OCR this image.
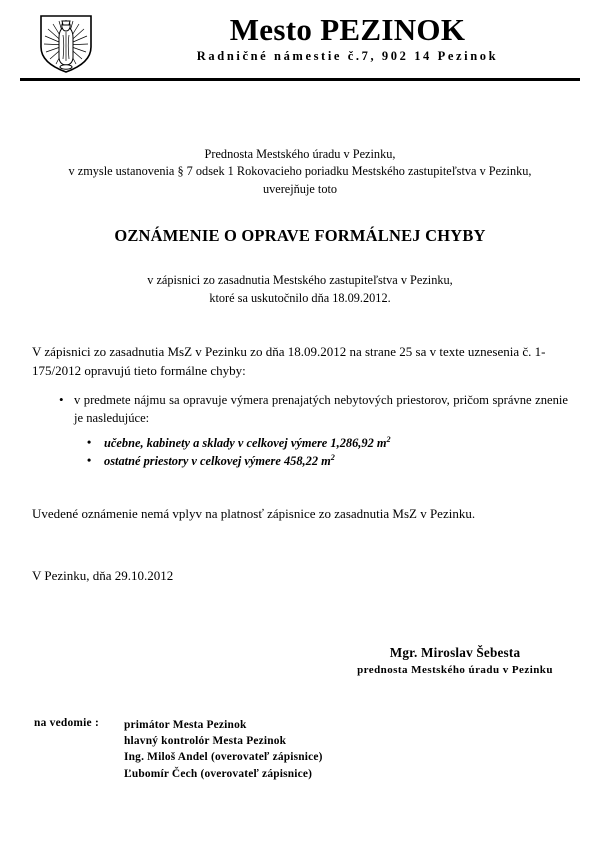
Mesto PEZINOK
Radničné námestie č.7, 902 14 Pezinok
Prednosta Mestského úradu v Pezinku,
v zmysle ustanovenia § 7 odsek 1 Rokovacieho poriadku Mestského zastupiteľstva v Pezinku,
uverejňuje toto
OZNÁMENIE O OPRAVE FORMÁLNEJ CHYBY
v zápisnici zo zasadnutia Mestského zastupiteľstva v Pezinku,
ktoré sa uskutočnilo dňa 18.09.2012.
V zápisnici zo zasadnutia MsZ v Pezinku zo dňa 18.09.2012 na strane 25 sa v texte uznesenia č. 1-175/2012 opravujú tieto formálne chyby:
• v predmete nájmu sa opravuje výmera prenajatých nebytových priestorov, pričom správne znenie je nasledujúce:
• učebne, kabinety a sklady v celkovej výmere 1,286,92 $m^2$
• ostatné priestory v celkovej výmere 458,22 $m^2$
Uvedené oznámenie nemá vplyv na platnosť zápisnice zo zasadnutia MsZ v Pezinku.
V Pezinku, dňa 29.10.2012
Mgr. Miroslav Šebesta
prednosta Mestského úradu v Pezinku
na vedomie : primátor Mesta Pezinok
hlavný kontrolór Mesta Pezinok
Ing. Miloš Andel (overovateľ zápisnice)
Ľubomír Čech (overovateľ zápisnice)
